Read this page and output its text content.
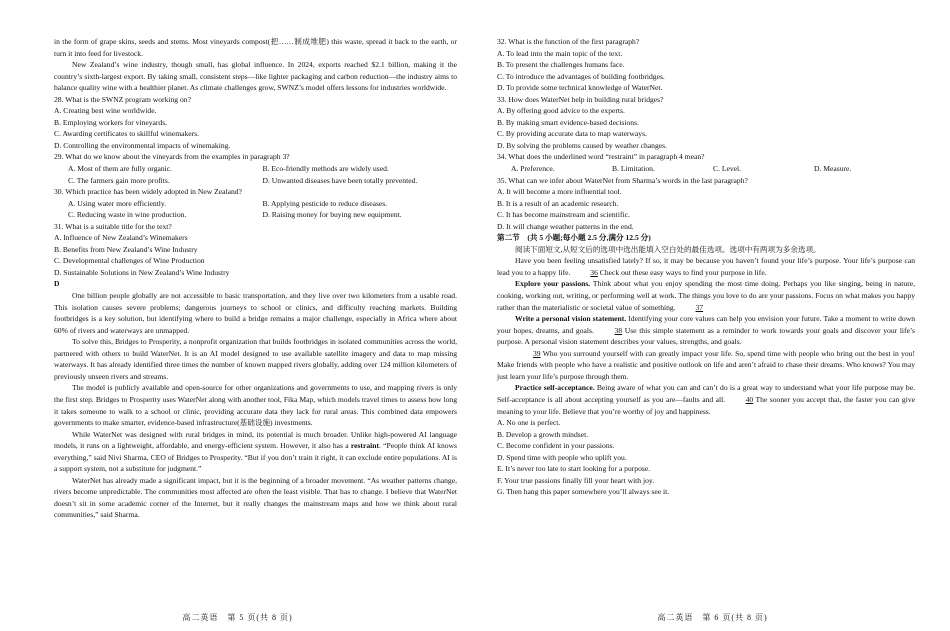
in the form of grape skins, seeds and stems. Most vineyards compost(把……制成堆肥) this waste, spread it back to the earth, or turn it into feed for livestock.

New Zealand’s wine industry, though small, has global influence. In 2024, exports reached $2.1 billion, making it the country’s sixth-largest export. By taking small, consistent steps—like lighter packaging and carbon reduction—the industry aims to balance quality wine with a healthier planet. As climate challenges grow, SWNZ’s model offers lessons for industries worldwide.

28. What is the SWNZ program working on?

A. Creating best wine worldwide.

B. Employing workers for vineyards.

C. Awarding certificates to skillful winemakers.

D. Controlling the environmental impacts of winemaking.

29. What do we know about the vineyards from the examples in paragraph 3?

A. Most of them are fully organic.	B. Eco-friendly methods are widely used.
C. The farmers gain more profits.	D. Unwanted diseases have been totally prevented.

30. Which practice has been widely adopted in New Zealand?

A. Using water more efficiently.	B. Applying pesticide to reduce diseases.
C. Reducing waste in wine production.	D. Raising money for buying new equipment.

31. What is a suitable title for the text?

A. Influence of New Zealand’s Winemakers

B. Benefits from New Zealand’s Wine Industry

C. Developmental challenges of Wine Production

D. Sustainable Solutions in New Zealand’s Wine Industry

D

One billion people globally are not accessible to basic transportation, and they live over two kilometers from a usable road. This isolation causes severe problems; dangerous journeys to school or clinics, and difficulty reaching markets. Building footbridges is a key solution, but identifying where to build a bridge remains a major challenge, especially in Africa where about 60% of rivers and waterways are unmapped.

To solve this, Bridges to Prosperity, a nonprofit organization that builds footbridges in isolated communities across the world, partnered with others to build WaterNet. It is an AI model designed to use available satellite imagery and data to map missing waterways. It has already identified three times the number of known mapped rivers globally, adding over 124 million kilometers of previously unseen rivers and streams.

The model is publicly available and open-source for other organizations and governments to use, and mapping rivers is only the first step. Bridges to Prosperity uses WaterNet along with another tool, Fika Map, which models travel times to assess how long it takes someone to walk to a school or clinic, providing accurate data they lack for rural areas. This combined data empowers governments to make smarter, evidence-based infrastructure(基础设施) investments.

While WaterNet was designed with rural bridges in mind, its potential is much broader. Unlike high-powered AI language models, it runs on a lightweight, affordable, and energy-efficient system. However, it also has a restraint. “People think AI knows everything,” said Nivi Sharma, CEO of Bridges to Prosperity. “But if you don’t train it right, it can exclude entire populations. AI is a support system, not a substitute for judgment.”

WaterNet has already made a significant impact, but it is the beginning of a broader movement. “As weather patterns change, rivers become unpredictable. The communities most affected are often the least visible. That has to change. I believe that WaterNet doesn’t sit in some academic corner of the Internet, but it really changes the mainstream maps and how we think about rural communities,” said Sharma.

高二英语　第 5 页(共 8 页)

32. What is the function of the first paragraph?

A. To lead into the main topic of the text.

B. To present the challenges humans face.

C. To introduce the advantages of building footbridges.

D. To provide some technical knowledge of WaterNet.

33. How does WaterNet help in building rural bridges?

A. By offering good advice to the experts.

B. By making smart evidence-based decisions.

C. By providing accurate data to map waterways.

D. By solving the problems caused by weather changes.

34. What does the underlined word “restraint” in paragraph 4 mean?

A. Preference.	B. Limitation.	C. Level.	D. Measure.

35. What can we infer about WaterNet from Sharma’s words in the last paragraph?

A. It will become a more influential tool.

B. It is a result of an academic research.

C. It has become mainstream and scientific.

D. It will change weather patterns in the end.

第二节　(共 5 小题;每小题 2.5 分,满分 12.5 分)

阅读下面短文,从短文后的选项中选出能填入空白处的最佳选项。选项中有两项为多余选项。

Have you been feeling unsatisfied lately? If so, it may be because you haven’t found your life’s purpose. Your life’s purpose can lead you to a happy life. 36 Check out these easy ways to find your purpose in life.

Explore your passions. Think about what you enjoy spending the most time doing. Perhaps you like singing, being in nature, cooking, working out, writing, or performing well at work. The things you love to do are your passions. Focus on what makes you happy rather than the materialistic or societal value of something. 37

Write a personal vision statement. Identifying your core values can help you envision your future. Take a moment to write down your hopes, dreams, and goals. 38 Use this simple statement as a reminder to work towards your goals and discover your life’s purpose. A personal vision statement describes your values, strengths, and goals.

39 Who you surround yourself with can greatly impact your life. So, spend time with people who bring out the best in you! Make friends with people who have a realistic and positive outlook on life and aren’t afraid to chase their dreams. Who knows? You may just learn your life’s purpose through them.

Practice self-acceptance. Being aware of what you can and can’t do is a great way to understand what your life purpose may be. Self-acceptance is all about accepting yourself as you are—faults and all. 40 The sooner you accept that, the faster you can give meaning to your life. Believe that you’re worthy of joy and happiness.

A. No one is perfect.

B. Develop a growth mindset.

C. Become confident in your passions.

D. Spend time with people who uplift you.

E. It’s never too late to start looking for a purpose.

F. Your true passions finally fill your heart with joy.

G. Then hang this paper somewhere you’ll always see it.

高二英语　第 6 页(共 8 页)
